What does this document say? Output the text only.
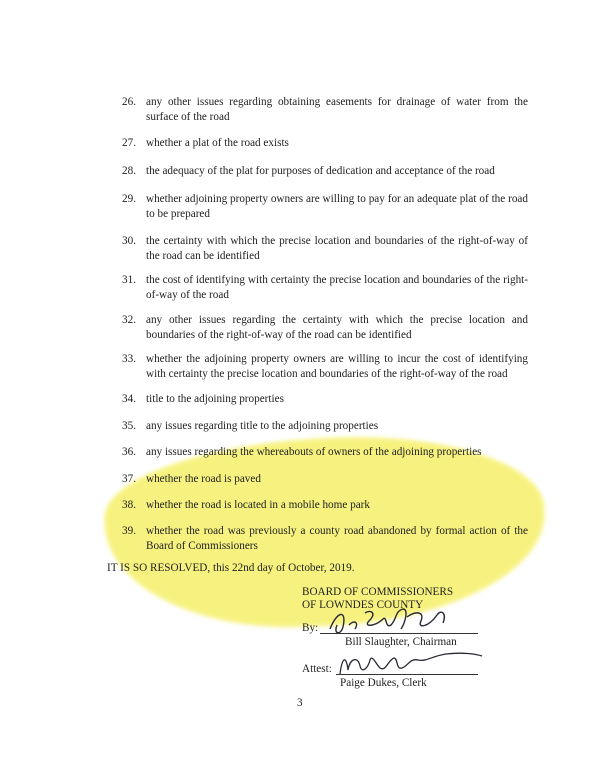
26. any other issues regarding obtaining easements for drainage of water from the surface of the road
27. whether a plat of the road exists
28. the adequacy of the plat for purposes of dedication and acceptance of the road
29. whether adjoining property owners are willing to pay for an adequate plat of the road to be prepared
30. the certainty with which the precise location and boundaries of the right-of-way of the road can be identified
31. the cost of identifying with certainty the precise location and boundaries of the right-of-way of the road
32. any other issues regarding the certainty with which the precise location and boundaries of the right-of-way of the road can be identified
33. whether the adjoining property owners are willing to incur the cost of identifying with certainty the precise location and boundaries of the right-of-way of the road
34. title to the adjoining properties
35. any issues regarding title to the adjoining properties
36. any issues regarding the whereabouts of owners of the adjoining properties
37. whether the road is paved
38. whether the road is located in a mobile home park
39. whether the road was previously a county road abandoned by formal action of the Board of Commissioners
IT IS SO RESOLVED, this 22nd day of October, 2019.
BOARD OF COMMISSIONERS
OF LOWNDES COUNTY
By:
Bill Slaughter, Chairman
Attest:
Paige Dukes, Clerk
3
